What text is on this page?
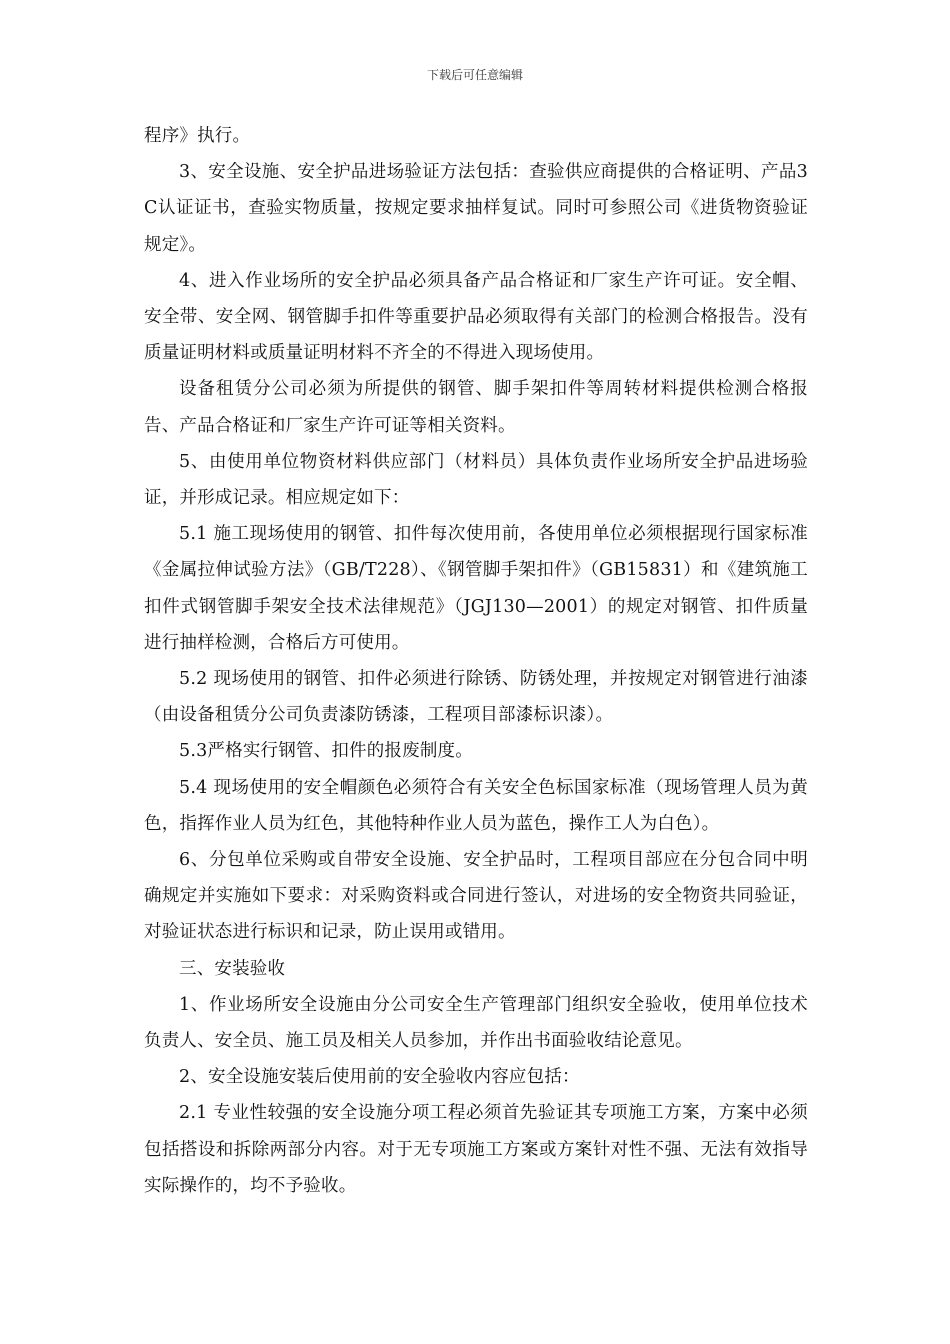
下载后可任意编辑

程序》执行。

3、安全设施、安全护品进场验证方法包括：查验供应商提供的合格证明、产品3C认证证书，查验实物质量，按规定要求抽样复试。同时可参照公司《进货物资验证规定》。

4、进入作业场所的安全护品必须具备产品合格证和厂家生产许可证。安全帽、安全带、安全网、钢管脚手扣件等重要护品必须取得有关部门的检测合格报告。没有质量证明材料或质量证明材料不齐全的不得进入现场使用。

设备租赁分公司必须为所提供的钢管、脚手架扣件等周转材料提供检测合格报告、产品合格证和厂家生产许可证等相关资料。

5、由使用单位物资材料供应部门（材料员）具体负责作业场所安全护品进场验证，并形成记录。相应规定如下：

5.1 施工现场使用的钢管、扣件每次使用前，各使用单位必须根据现行国家标准《金属拉伸试验方法》（GB/T228）、《钢管脚手架扣件》（GB15831）和《建筑施工扣件式钢管脚手架安全技术法律规范》（JGJ130—2001）的规定对钢管、扣件质量进行抽样检测，合格后方可使用。

5.2 现场使用的钢管、扣件必须进行除锈、防锈处理，并按规定对钢管进行油漆（由设备租赁分公司负责漆防锈漆，工程项目部漆标识漆）。

5.3严格实行钢管、扣件的报废制度。

5.4 现场使用的安全帽颜色必须符合有关安全色标国家标准（现场管理人员为黄色，指挥作业人员为红色，其他特种作业人员为蓝色，操作工人为白色）。

6、分包单位采购或自带安全设施、安全护品时，工程项目部应在分包合同中明确规定并实施如下要求：对采购资料或合同进行签认，对进场的安全物资共同验证，对验证状态进行标识和记录，防止误用或错用。

三、安装验收

1、作业场所安全设施由分公司安全生产管理部门组织安全验收，使用单位技术负责人、安全员、施工员及相关人员参加，并作出书面验收结论意见。

2、安全设施安装后使用前的安全验收内容应包括：

2.1 专业性较强的安全设施分项工程必须首先验证其专项施工方案，方案中必须包括搭设和拆除两部分内容。对于无专项施工方案或方案针对性不强、无法有效指导实际操作的，均不予验收。
